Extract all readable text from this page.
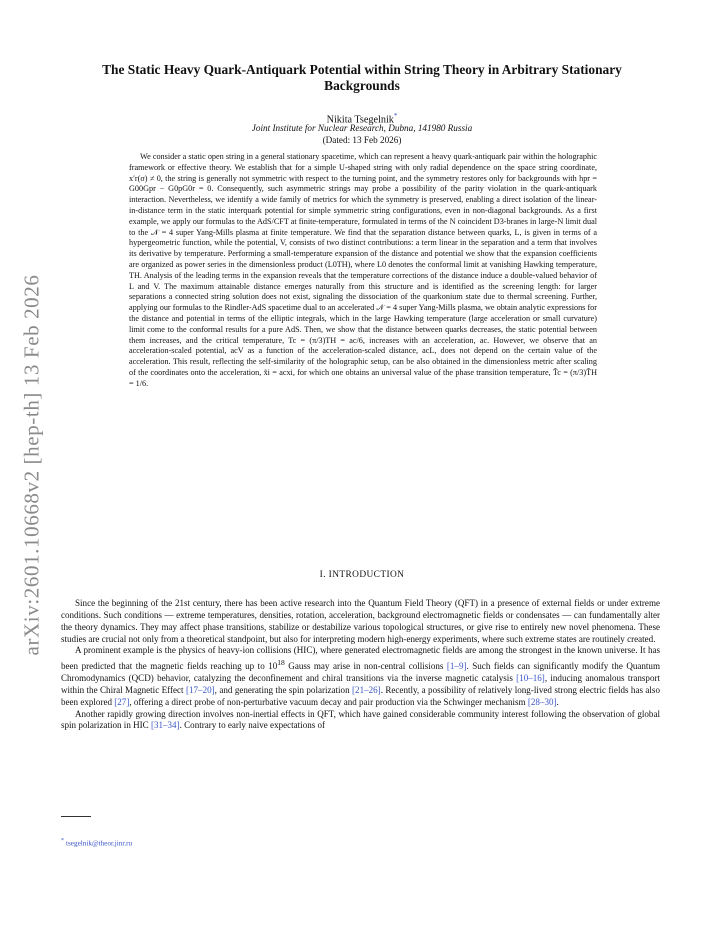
arXiv:2601.10668v2 [hep-th] 13 Feb 2026
The Static Heavy Quark-Antiquark Potential within String Theory in Arbitrary Stationary Backgrounds
Nikita Tsegelnik*
Joint Institute for Nuclear Research, Dubna, 141980 Russia
(Dated: 13 Feb 2026)

We consider a static open string in a general stationary spacetime, which can represent a heavy quark-antiquark pair within the holographic framework or effective theory. We establish that for a simple U-shaped string with only radial dependence on the space string coordinate, x′r(σ) ≠ 0, the string is generally not symmetric with respect to the turning point, and the symmetry restores only for backgrounds with hpr = G00Gpr − G0pG0r = 0. Consequently, such asymmetric strings may probe a possibility of the parity violation in the quark-antiquark interaction. Nevertheless, we identify a wide family of metrics for which the symmetry is preserved, enabling a direct isolation of the linear-in-distance term in the static interquark potential for simple symmetric string configurations, even in non-diagonal backgrounds. As a first example, we apply our formulas to the AdS/CFT at finite-temperature, formulated in terms of the N coincident D3-branes in large-N limit dual to the 𝒩 = 4 super Yang-Mills plasma at finite temperature. We find that the separation distance between quarks, L, is given in terms of a hypergeometric function, while the potential, V, consists of two distinct contributions: a term linear in the separation and a term that involves its derivative by temperature. Performing a small-temperature expansion of the distance and potential we show that the expansion coefficients are organized as power series in the dimensionless product (L0TH), where L0 denotes the conformal limit at vanishing Hawking temperature, TH. Analysis of the leading terms in the expansion reveals that the temperature corrections of the distance induce a double-valued behavior of L and V. The maximum attainable distance emerges naturally from this structure and is identified as the screening length: for larger separations a connected string solution does not exist, signaling the dissociation of the quarkonium state due to thermal screening. Further, applying our formulas to the Rindler-AdS spacetime dual to an accelerated 𝒩 = 4 super Yang-Mills plasma, we obtain analytic expressions for the distance and potential in terms of the elliptic integrals, which in the large Hawking temperature (large acceleration or small curvature) limit come to the conformal results for a pure AdS. Then, we show that the distance between quarks decreases, the static potential between them increases, and the critical temperature, Tc = (π/3)TH = ac/6, increases with an acceleration, ac. However, we observe that an acceleration-scaled potential, acV as a function of the acceleration-scaled distance, acL, does not depend on the certain value of the acceleration. This result, reflecting the self-similarity of the holographic setup, can be also obtained in the dimensionless metric after scaling of the coordinates onto the acceleration, x̃i = acxi, for which one obtains an universal value of the phase transition temperature, T̃c = (π/3)T̃H = 1/6.

I. INTRODUCTION

Since the beginning of the 21st century, there has been active research into the Quantum Field Theory (QFT) in a presence of external fields or under extreme conditions. Such conditions — extreme temperatures, densities, rotation, acceleration, background electromagnetic fields or condensates — can fundamentally alter the theory dynamics. They may affect phase transitions, stabilize or destabilize various topological structures, or give rise to entirely new novel phenomena. These studies are crucial not only from a theoretical standpoint, but also for interpreting modern high-energy experiments, where such extreme states are routinely created.

A prominent example is the physics of heavy-ion collisions (HIC), where generated electromagnetic fields are among the strongest in the known universe. It has been predicted that the magnetic fields reaching up to $10^{18}$ Gauss may arise in non-central collisions [1–9]. Such fields can significantly modify the Quantum Chromodynamics (QCD) behavior, catalyzing the deconfinement and chiral transitions via the inverse magnetic catalysis [10–16], inducing anomalous transport within the Chiral Magnetic Effect [17–20], and generating the spin polarization [21–26]. Recently, a possibility of relatively long-lived strong electric fields has also been explored [27], offering a direct probe of non-perturbative vacuum decay and pair production via the Schwinger mechanism [28–30].

Another rapidly growing direction involves non-inertial effects in QFT, which have gained considerable community interest following the observation of global spin polarization in HIC [31–34]. Contrary to early naive expectations of

* tsegelnik@theor.jinr.ru
